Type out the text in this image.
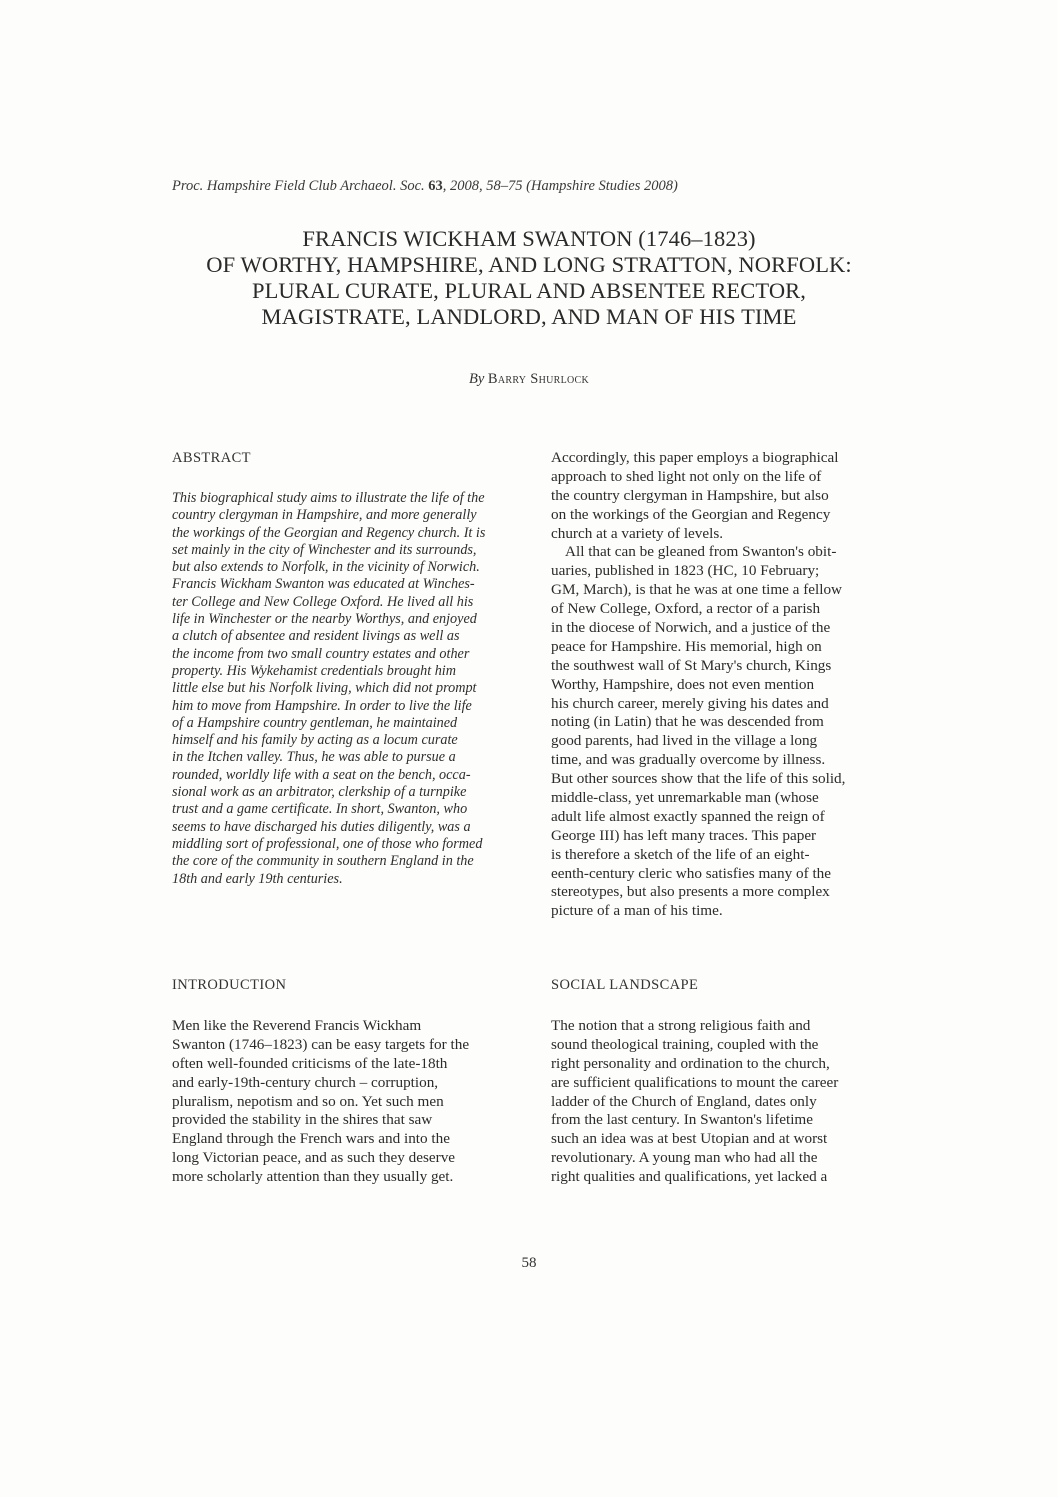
Proc. Hampshire Field Club Archaeol. Soc. 63, 2008, 58–75 (Hampshire Studies 2008)
FRANCIS WICKHAM SWANTON (1746–1823)
OF WORTHY, HAMPSHIRE, AND LONG STRATTON, NORFOLK:
PLURAL CURATE, PLURAL AND ABSENTEE RECTOR,
MAGISTRATE, LANDLORD, AND MAN OF HIS TIME
By Barry Shurlock
ABSTRACT
This biographical study aims to illustrate the life of the
country clergyman in Hampshire, and more generally
the workings of the Georgian and Regency church. It is
set mainly in the city of Winchester and its surrounds,
but also extends to Norfolk, in the vicinity of Norwich.
Francis Wickham Swanton was educated at Winches-
ter College and New College Oxford. He lived all his
life in Winchester or the nearby Worthys, and enjoyed
a clutch of absentee and resident livings as well as
the income from two small country estates and other
property. His Wykehamist credentials brought him
little else but his Norfolk living, which did not prompt
him to move from Hampshire. In order to live the life
of a Hampshire country gentleman, he maintained
himself and his family by acting as a locum curate
in the Itchen valley. Thus, he was able to pursue a
rounded, worldly life with a seat on the bench, occa-
sional work as an arbitrator, clerkship of a turnpike
trust and a game certificate. In short, Swanton, who
seems to have discharged his duties diligently, was a
middling sort of professional, one of those who formed
the core of the community in southern England in the
18th and early 19th centuries.
INTRODUCTION
Men like the Reverend Francis Wickham
Swanton (1746–1823) can be easy targets for the
often well-founded criticisms of the late-18th
and early-19th-century church – corruption,
pluralism, nepotism and so on. Yet such men
provided the stability in the shires that saw
England through the French wars and into the
long Victorian peace, and as such they deserve
more scholarly attention than they usually get.
Accordingly, this paper employs a biographical
approach to shed light not only on the life of
the country clergyman in Hampshire, but also
on the workings of the Georgian and Regency
church at a variety of levels.
All that can be gleaned from Swanton's obit-
uaries, published in 1823 (HC, 10 February;
GM, March), is that he was at one time a fellow
of New College, Oxford, a rector of a parish
in the diocese of Norwich, and a justice of the
peace for Hampshire. His memorial, high on
the southwest wall of St Mary's church, Kings
Worthy, Hampshire, does not even mention
his church career, merely giving his dates and
noting (in Latin) that he was descended from
good parents, had lived in the village a long
time, and was gradually overcome by illness.
But other sources show that the life of this solid,
middle-class, yet unremarkable man (whose
adult life almost exactly spanned the reign of
George III) has left many traces. This paper
is therefore a sketch of the life of an eight-
eenth-century cleric who satisfies many of the
stereotypes, but also presents a more complex
picture of a man of his time.
SOCIAL LANDSCAPE
The notion that a strong religious faith and
sound theological training, coupled with the
right personality and ordination to the church,
are sufficient qualifications to mount the career
ladder of the Church of England, dates only
from the last century. In Swanton's lifetime
such an idea was at best Utopian and at worst
revolutionary. A young man who had all the
right qualities and qualifications, yet lacked a
58
